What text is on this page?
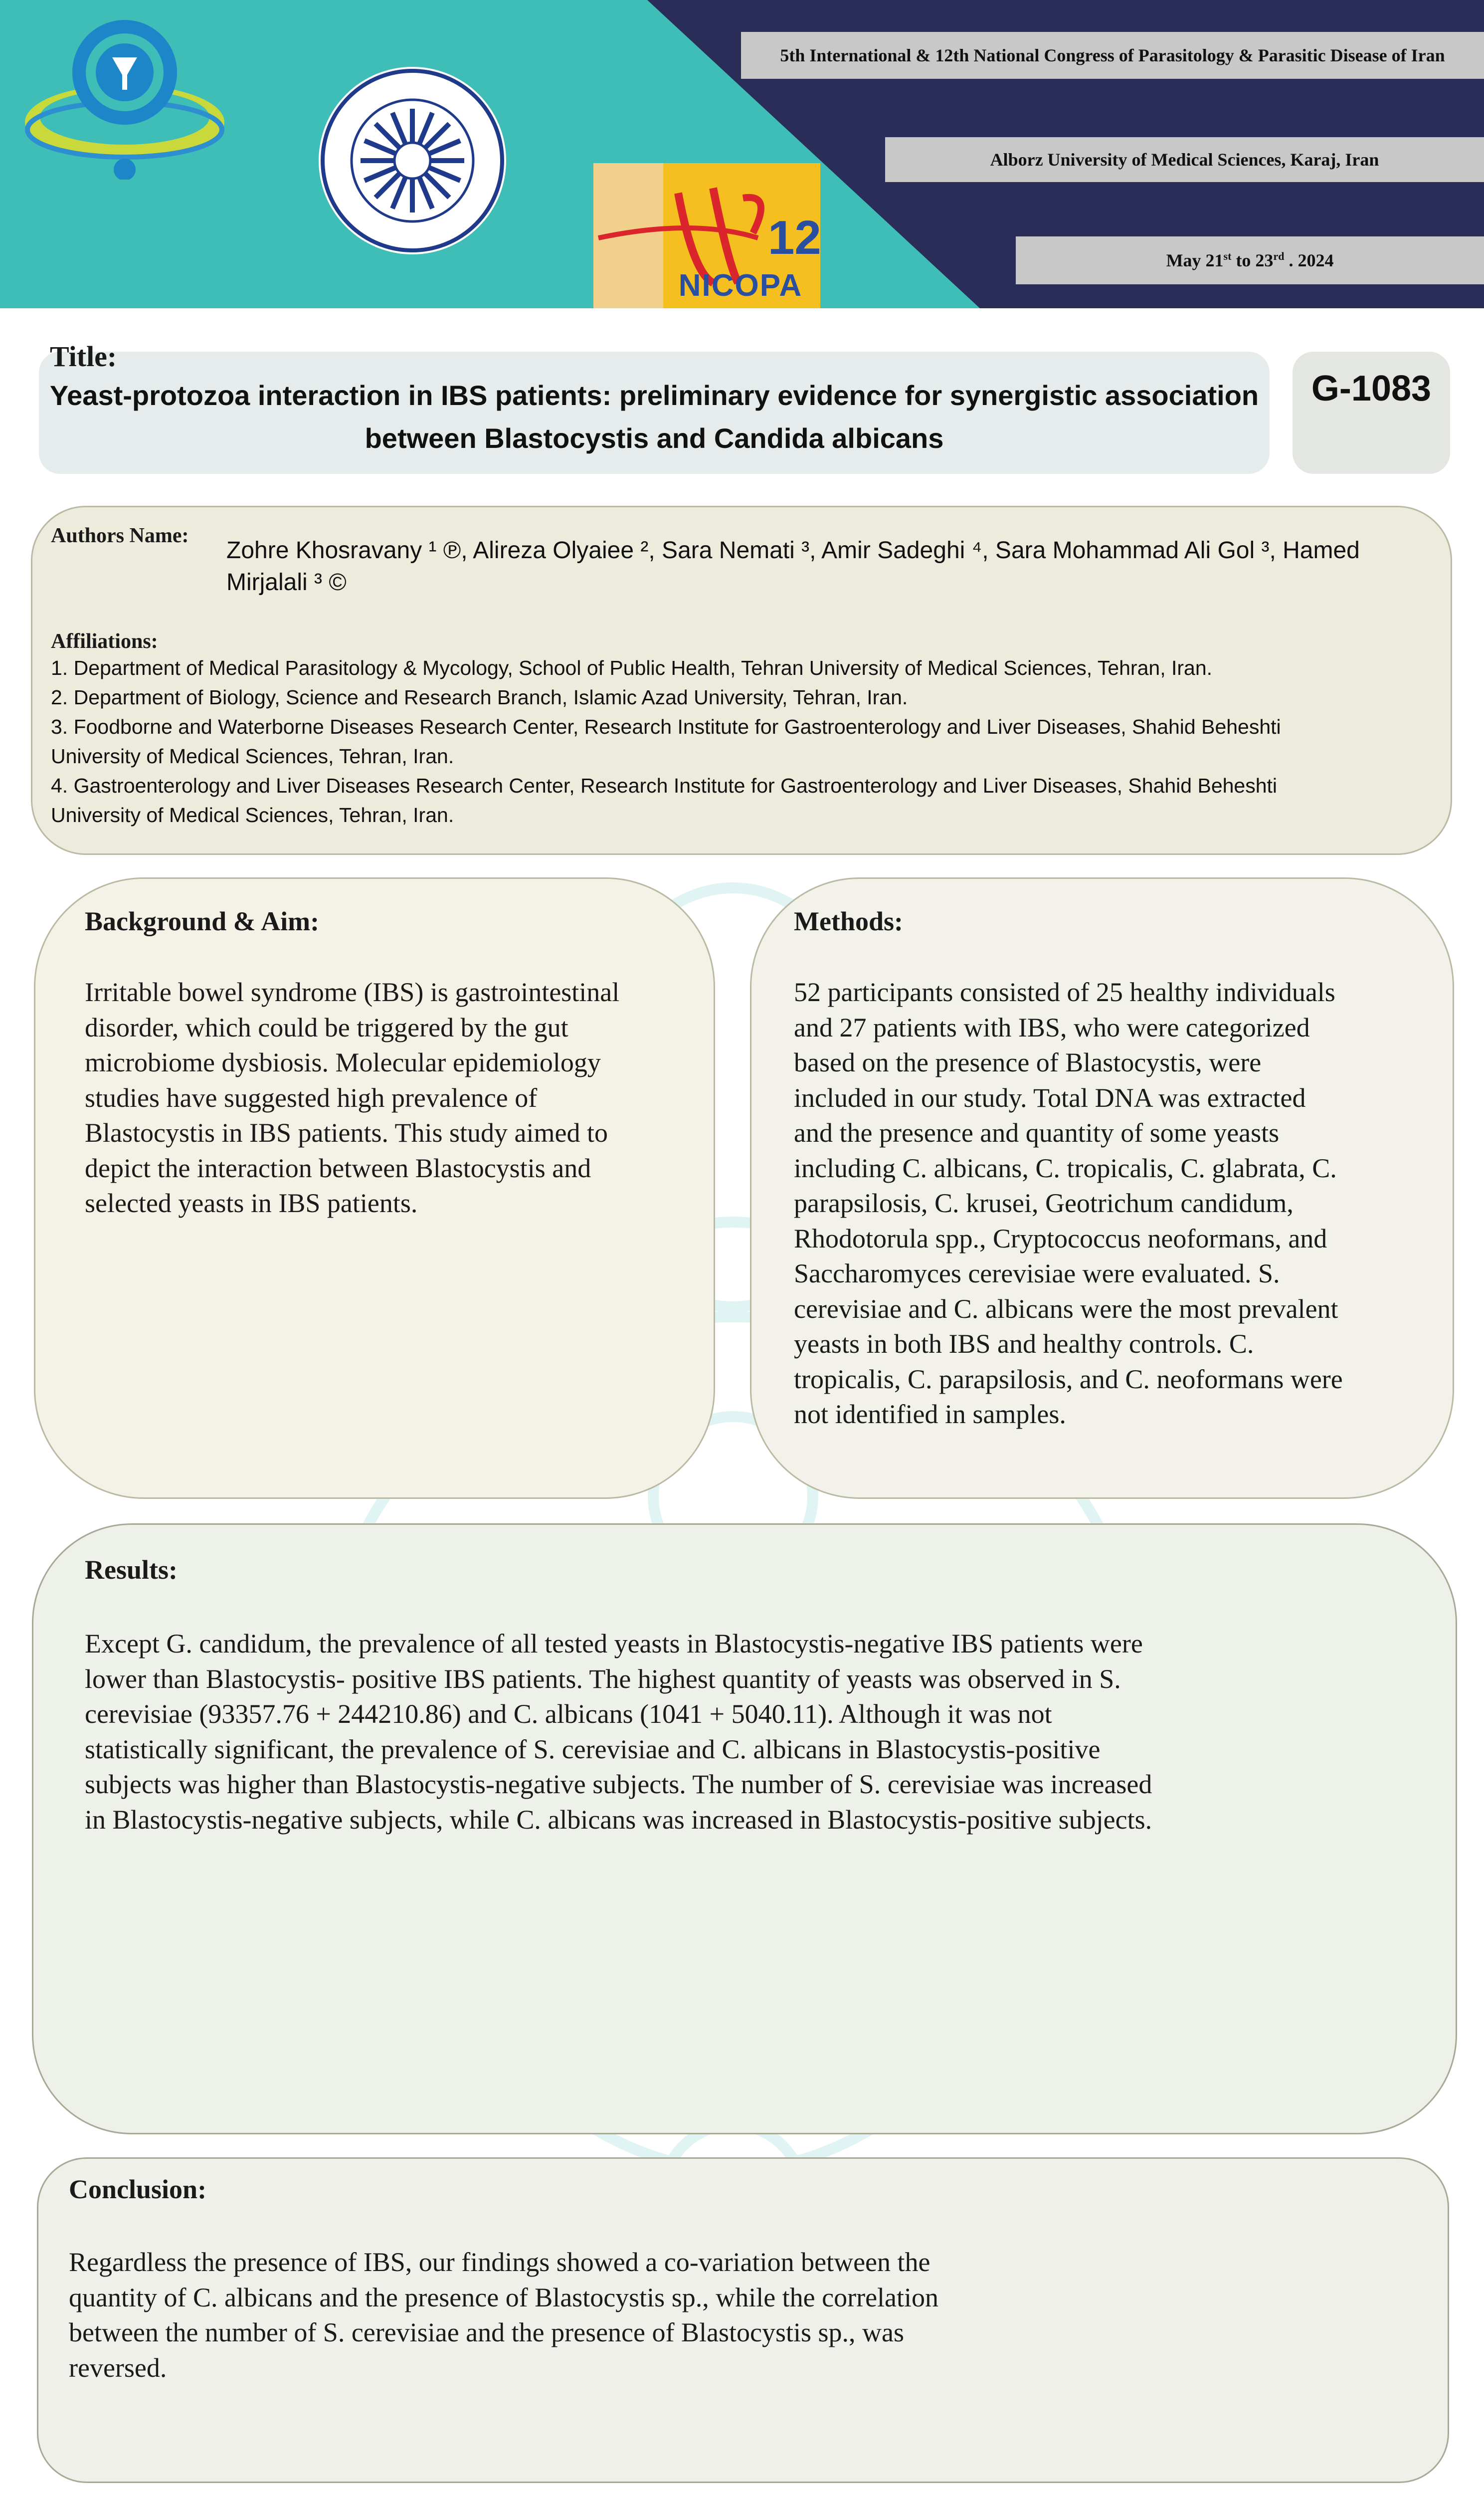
5th International & 12th National Congress of Parasitology & Parasitic Disease of Iran
Alborz University of Medical Sciences, Karaj, Iran
May 21st to 23rd . 2024
NICOPA
12
Title:
Yeast-protozoa interaction in IBS patients: preliminary evidence for synergistic association
between Blastocystis and Candida albicans
G-1083
Authors Name:
Zohre Khosravany ¹ ℗, Alireza Olyaiee ², Sara Nemati ³, Amir Sadeghi ⁴, Sara Mohammad Ali Gol ³, Hamed
Mirjalali ³ ©
Affiliations:
1. Department of Medical Parasitology & Mycology, School of Public Health, Tehran University of Medical Sciences, Tehran, Iran.
2. Department of Biology, Science and Research Branch, Islamic Azad University, Tehran, Iran.
3. Foodborne and Waterborne Diseases Research Center, Research Institute for Gastroenterology and Liver Diseases, Shahid Beheshti
University of Medical Sciences, Tehran, Iran.
4. Gastroenterology and Liver Diseases Research Center, Research Institute for Gastroenterology and Liver Diseases, Shahid Beheshti
University of Medical Sciences, Tehran, Iran.
Background & Aim:
Irritable bowel syndrome (IBS) is gastrointestinal
disorder, which could be triggered by the gut
microbiome dysbiosis. Molecular epidemiology
studies have suggested high prevalence of
Blastocystis in IBS patients. This study aimed to
depict the interaction between Blastocystis and
selected yeasts in IBS patients.
Methods:
52 participants consisted of 25 healthy individuals
and 27 patients with IBS, who were categorized
based on the presence of Blastocystis, were
included in our study. Total DNA was extracted
and the presence and quantity of some yeasts
including C. albicans, C. tropicalis, C. glabrata, C.
parapsilosis, C. krusei, Geotrichum candidum,
Rhodotorula spp., Cryptococcus neoformans, and
Saccharomyces cerevisiae were evaluated. S.
cerevisiae and C. albicans were the most prevalent
yeasts in both IBS and healthy controls. C.
tropicalis, C. parapsilosis, and C. neoformans were
not identified in samples.
Results:
Except G. candidum, the prevalence of all tested yeasts in Blastocystis-negative IBS patients were
lower than Blastocystis- positive IBS patients. The highest quantity of yeasts was observed in S.
cerevisiae (93357.76 + 244210.86) and C. albicans (1041 + 5040.11). Although it was not
statistically significant, the prevalence of S. cerevisiae and C. albicans in Blastocystis-positive
subjects was higher than Blastocystis-negative subjects. The number of S. cerevisiae was increased
in Blastocystis-negative subjects, while C. albicans was increased in Blastocystis-positive subjects.
Conclusion:
Regardless the presence of IBS, our findings showed a co-variation between the
quantity of C. albicans and the presence of Blastocystis sp., while the correlation
between the number of S. cerevisiae and the presence of Blastocystis sp., was
reversed.
